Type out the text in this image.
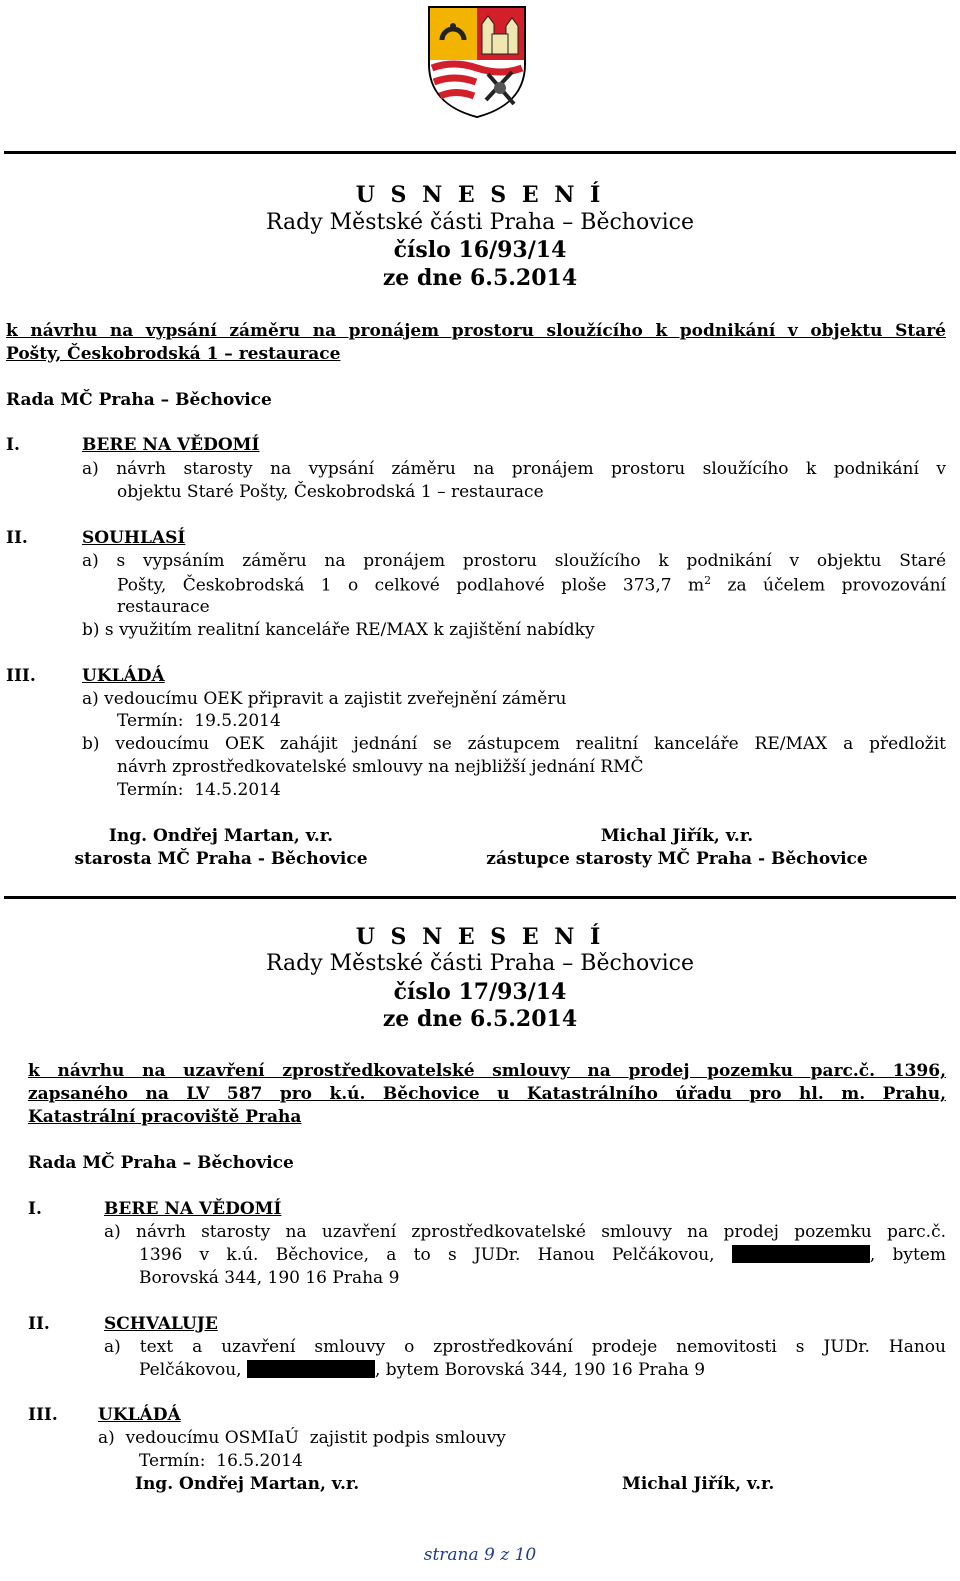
U S N E S E N Í
Rady Městské části Praha – Běchovice
číslo 16/93/14
ze dne 6.5.2014
k návrhu na vypsání záměru na pronájem prostoru sloužícího k podnikání v objektu Staré
Pošty, Českobrodská 1 – restaurace
Rada MČ Praha – Běchovice
I.	BERE NA VĚDOMÍ
a) návrh starosty na vypsání záměru na pronájem prostoru sloužícího k podnikání v
objektu Staré Pošty, Českobrodská 1 – restaurace
II.	SOUHLASÍ
a) s vypsáním záměru na pronájem prostoru sloužícího k podnikání v objektu Staré
Pošty, Českobrodská 1 o celkové podlahové ploše 373,7 $m^2$ za účelem provozování
restaurace
b) s využitím realitní kanceláře RE/MAX k zajištění nabídky
III.	UKLÁDÁ
a) vedoucímu OEK připravit a zajistit zveřejnění záměru
Termín:  19.5.2014
b) vedoucímu OEK zahájit jednání se zástupcem realitní kanceláře RE/MAX a předložit
návrh zprostředkovatelské smlouvy na nejbližší jednání RMČ
Termín:  14.5.2014
Ing. Ondřej Martan, v.r.
starosta MČ Praha - Běchovice
Michal Jiřík, v.r.
zástupce starosty MČ Praha - Běchovice
U S N E S E N Í
Rady Městské části Praha – Běchovice
číslo 17/93/14
ze dne 6.5.2014
k návrhu na uzavření zprostředkovatelské smlouvy na prodej pozemku parc.č. 1396,
zapsaného na LV 587 pro k.ú. Běchovice u Katastrálního úřadu pro hl. m. Prahu,
Katastrální pracoviště Praha
Rada MČ Praha – Běchovice
I.	BERE NA VĚDOMÍ
a) návrh starosty na uzavření zprostředkovatelské smlouvy na prodej pozemku parc.č.
1396 v k.ú. Běchovice, a to s JUDr. Hanou Pelčákovou,	, bytem
Borovská 344, 190 16 Praha 9
II.	SCHVALUJE
a) text a uzavření smlouvy o zprostředkování prodeje nemovitosti s JUDr. Hanou
Pelčákovou,	, bytem Borovská 344, 190 16 Praha 9
III. UKLÁDÁ
a)  vedoucímu OSMIaÚ  zajistit podpis smlouvy
Termín:  16.5.2014
Ing. Ondřej Martan, v.r.	Michal Jiřík, v.r.
strana 9 z 10
